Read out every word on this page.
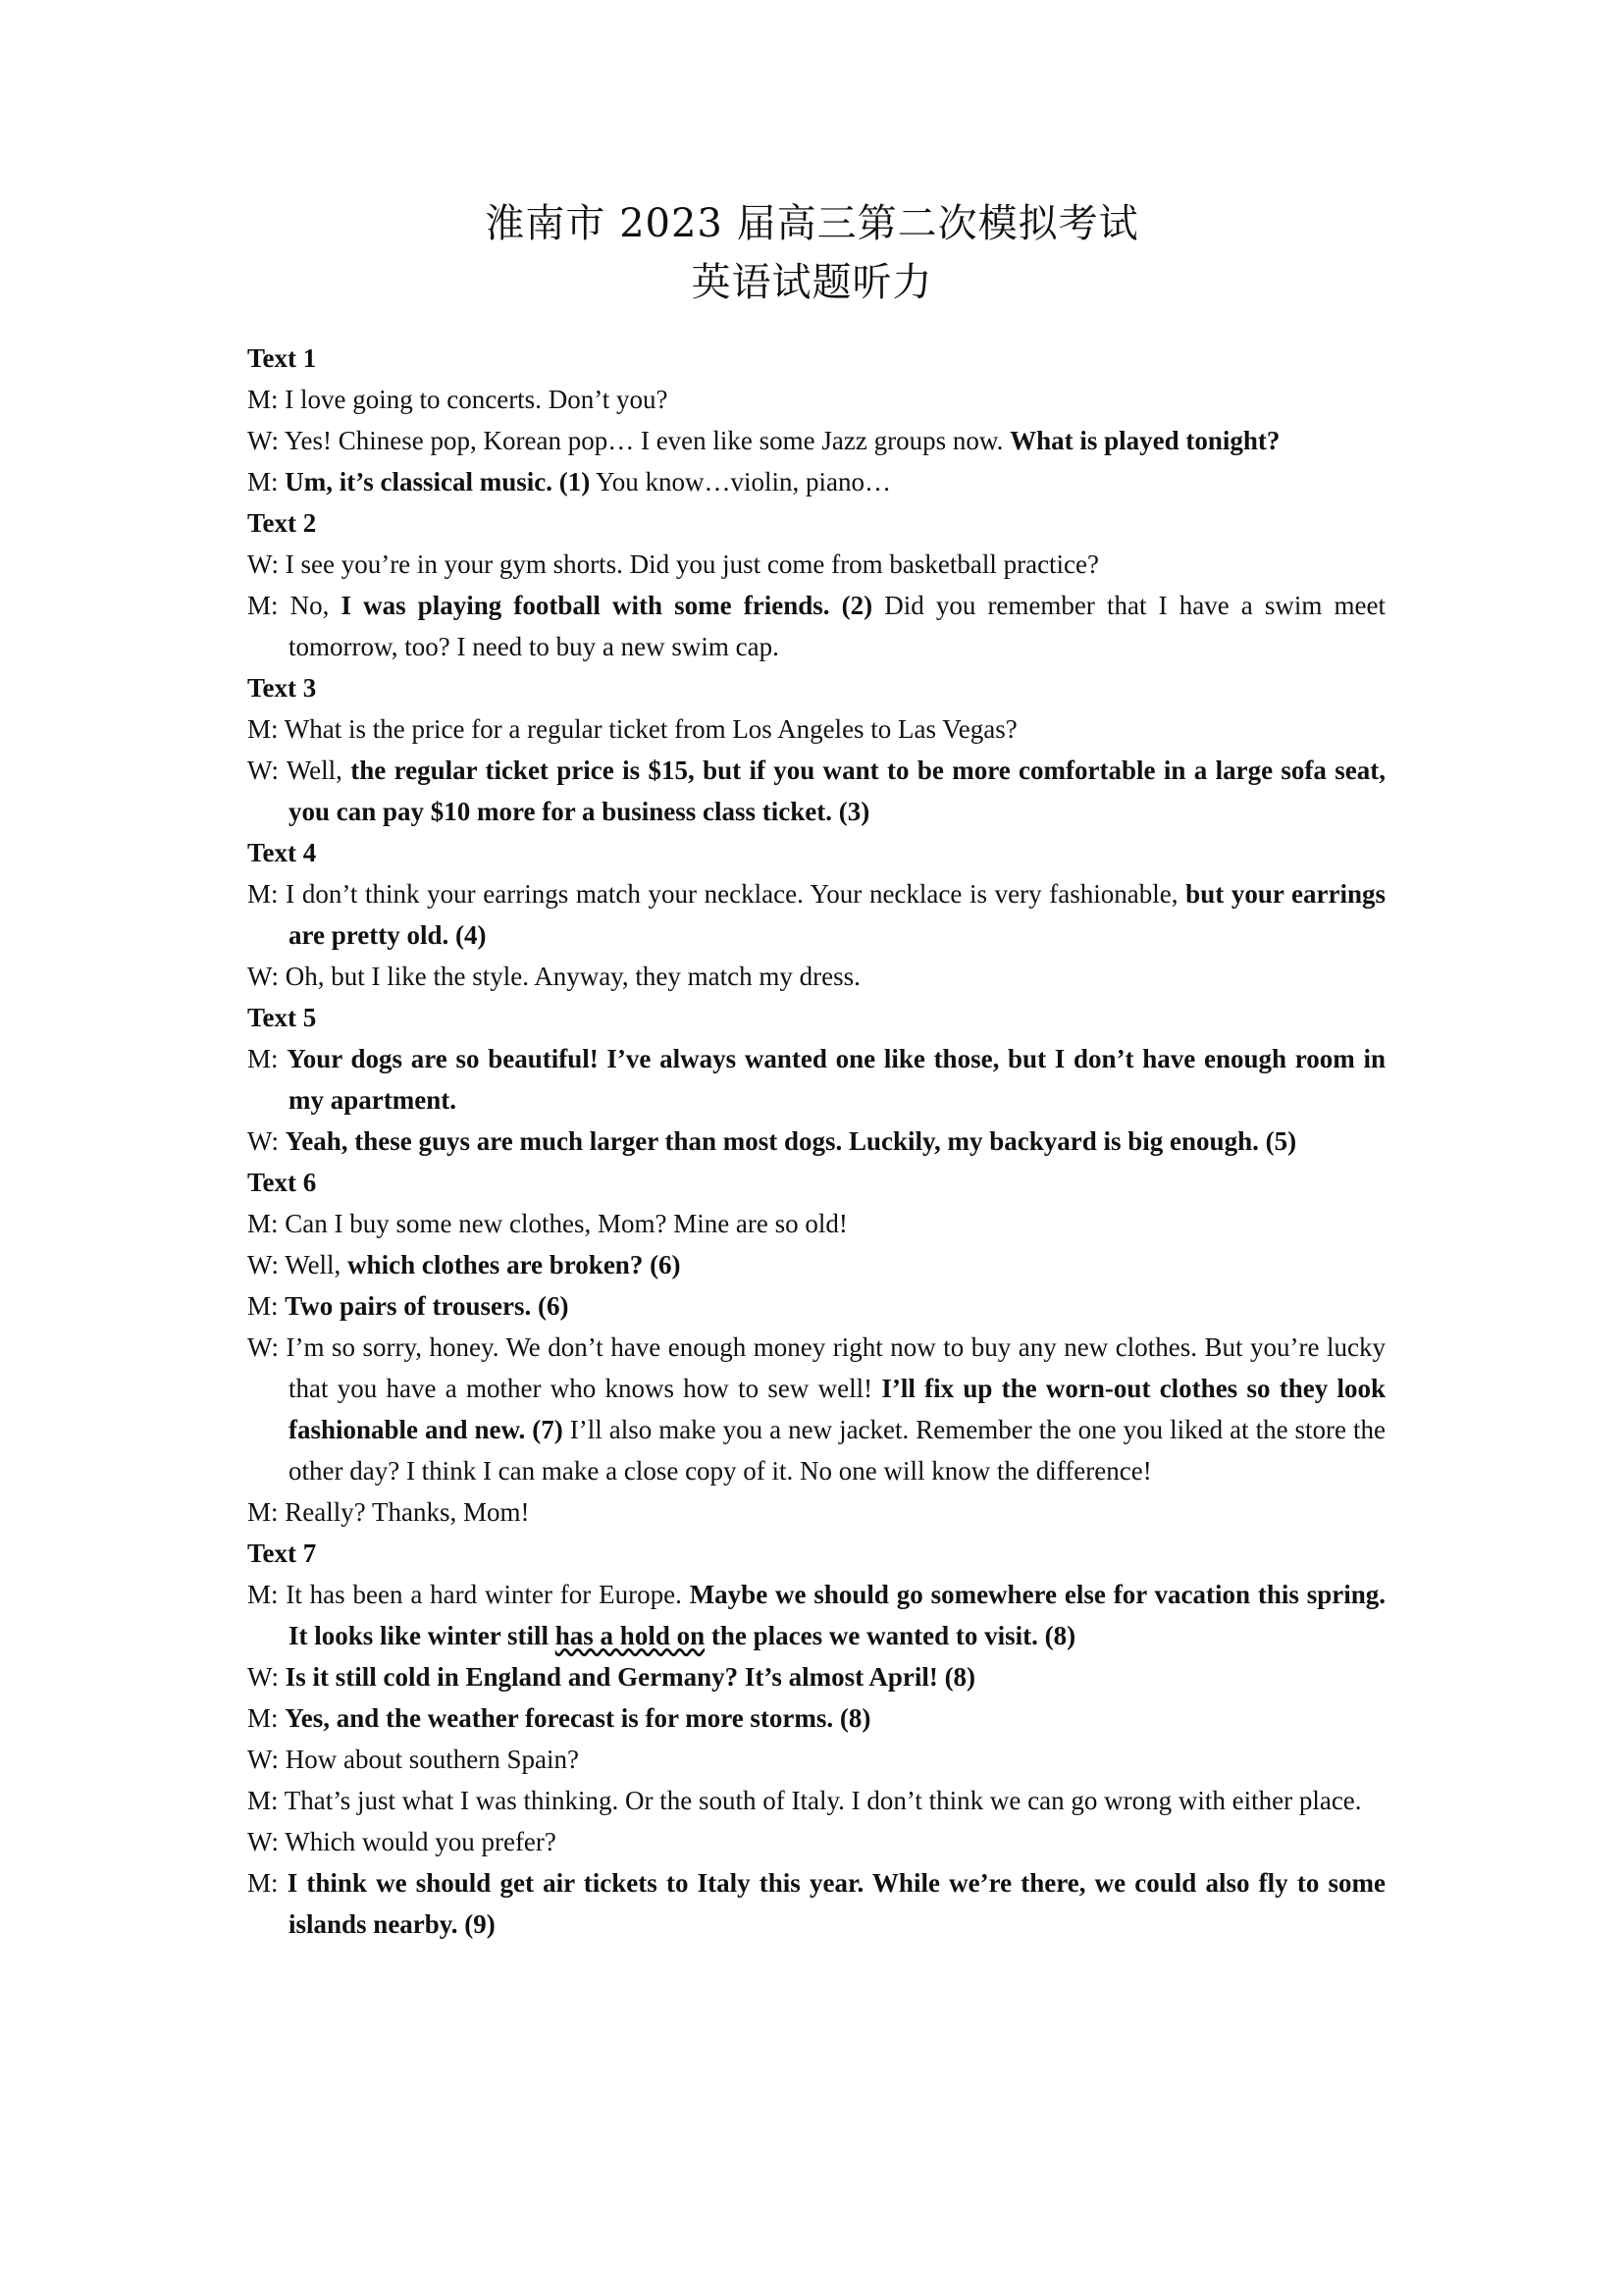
淮南市 2023 届高三第二次模拟考试
英语试题听力
Text 1
M: I love going to concerts. Don’t you?
W: Yes! Chinese pop, Korean pop… I even like some Jazz groups now. What is played tonight?
M: Um, it’s classical music. (1) You know…violin, piano…
Text 2
W: I see you’re in your gym shorts. Did you just come from basketball practice?
M: No, I was playing football with some friends. (2) Did you remember that I have a swim meet tomorrow, too? I need to buy a new swim cap.
Text 3
M: What is the price for a regular ticket from Los Angeles to Las Vegas?
W: Well, the regular ticket price is $15, but if you want to be more comfortable in a large sofa seat, you can pay $10 more for a business class ticket. (3)
Text 4
M: I don’t think your earrings match your necklace. Your necklace is very fashionable, but your earrings are pretty old. (4)
W: Oh, but I like the style. Anyway, they match my dress.
Text 5
M: Your dogs are so beautiful! I’ve always wanted one like those, but I don’t have enough room in my apartment.
W: Yeah, these guys are much larger than most dogs. Luckily, my backyard is big enough. (5)
Text 6
M: Can I buy some new clothes, Mom? Mine are so old!
W: Well, which clothes are broken? (6)
M: Two pairs of trousers. (6)
W: I’m so sorry, honey. We don’t have enough money right now to buy any new clothes. But you’re lucky that you have a mother who knows how to sew well! I’ll fix up the worn-out clothes so they look fashionable and new. (7) I’ll also make you a new jacket. Remember the one you liked at the store the other day? I think I can make a close copy of it. No one will know the difference!
M: Really? Thanks, Mom!
Text 7
M: It has been a hard winter for Europe. Maybe we should go somewhere else for vacation this spring. It looks like winter still has a hold on the places we wanted to visit. (8)
W: Is it still cold in England and Germany? It’s almost April! (8)
M: Yes, and the weather forecast is for more storms. (8)
W: How about southern Spain?
M: That’s just what I was thinking. Or the south of Italy. I don’t think we can go wrong with either place.
W: Which would you prefer?
M: I think we should get air tickets to Italy this year. While we’re there, we could also fly to some islands nearby. (9)
